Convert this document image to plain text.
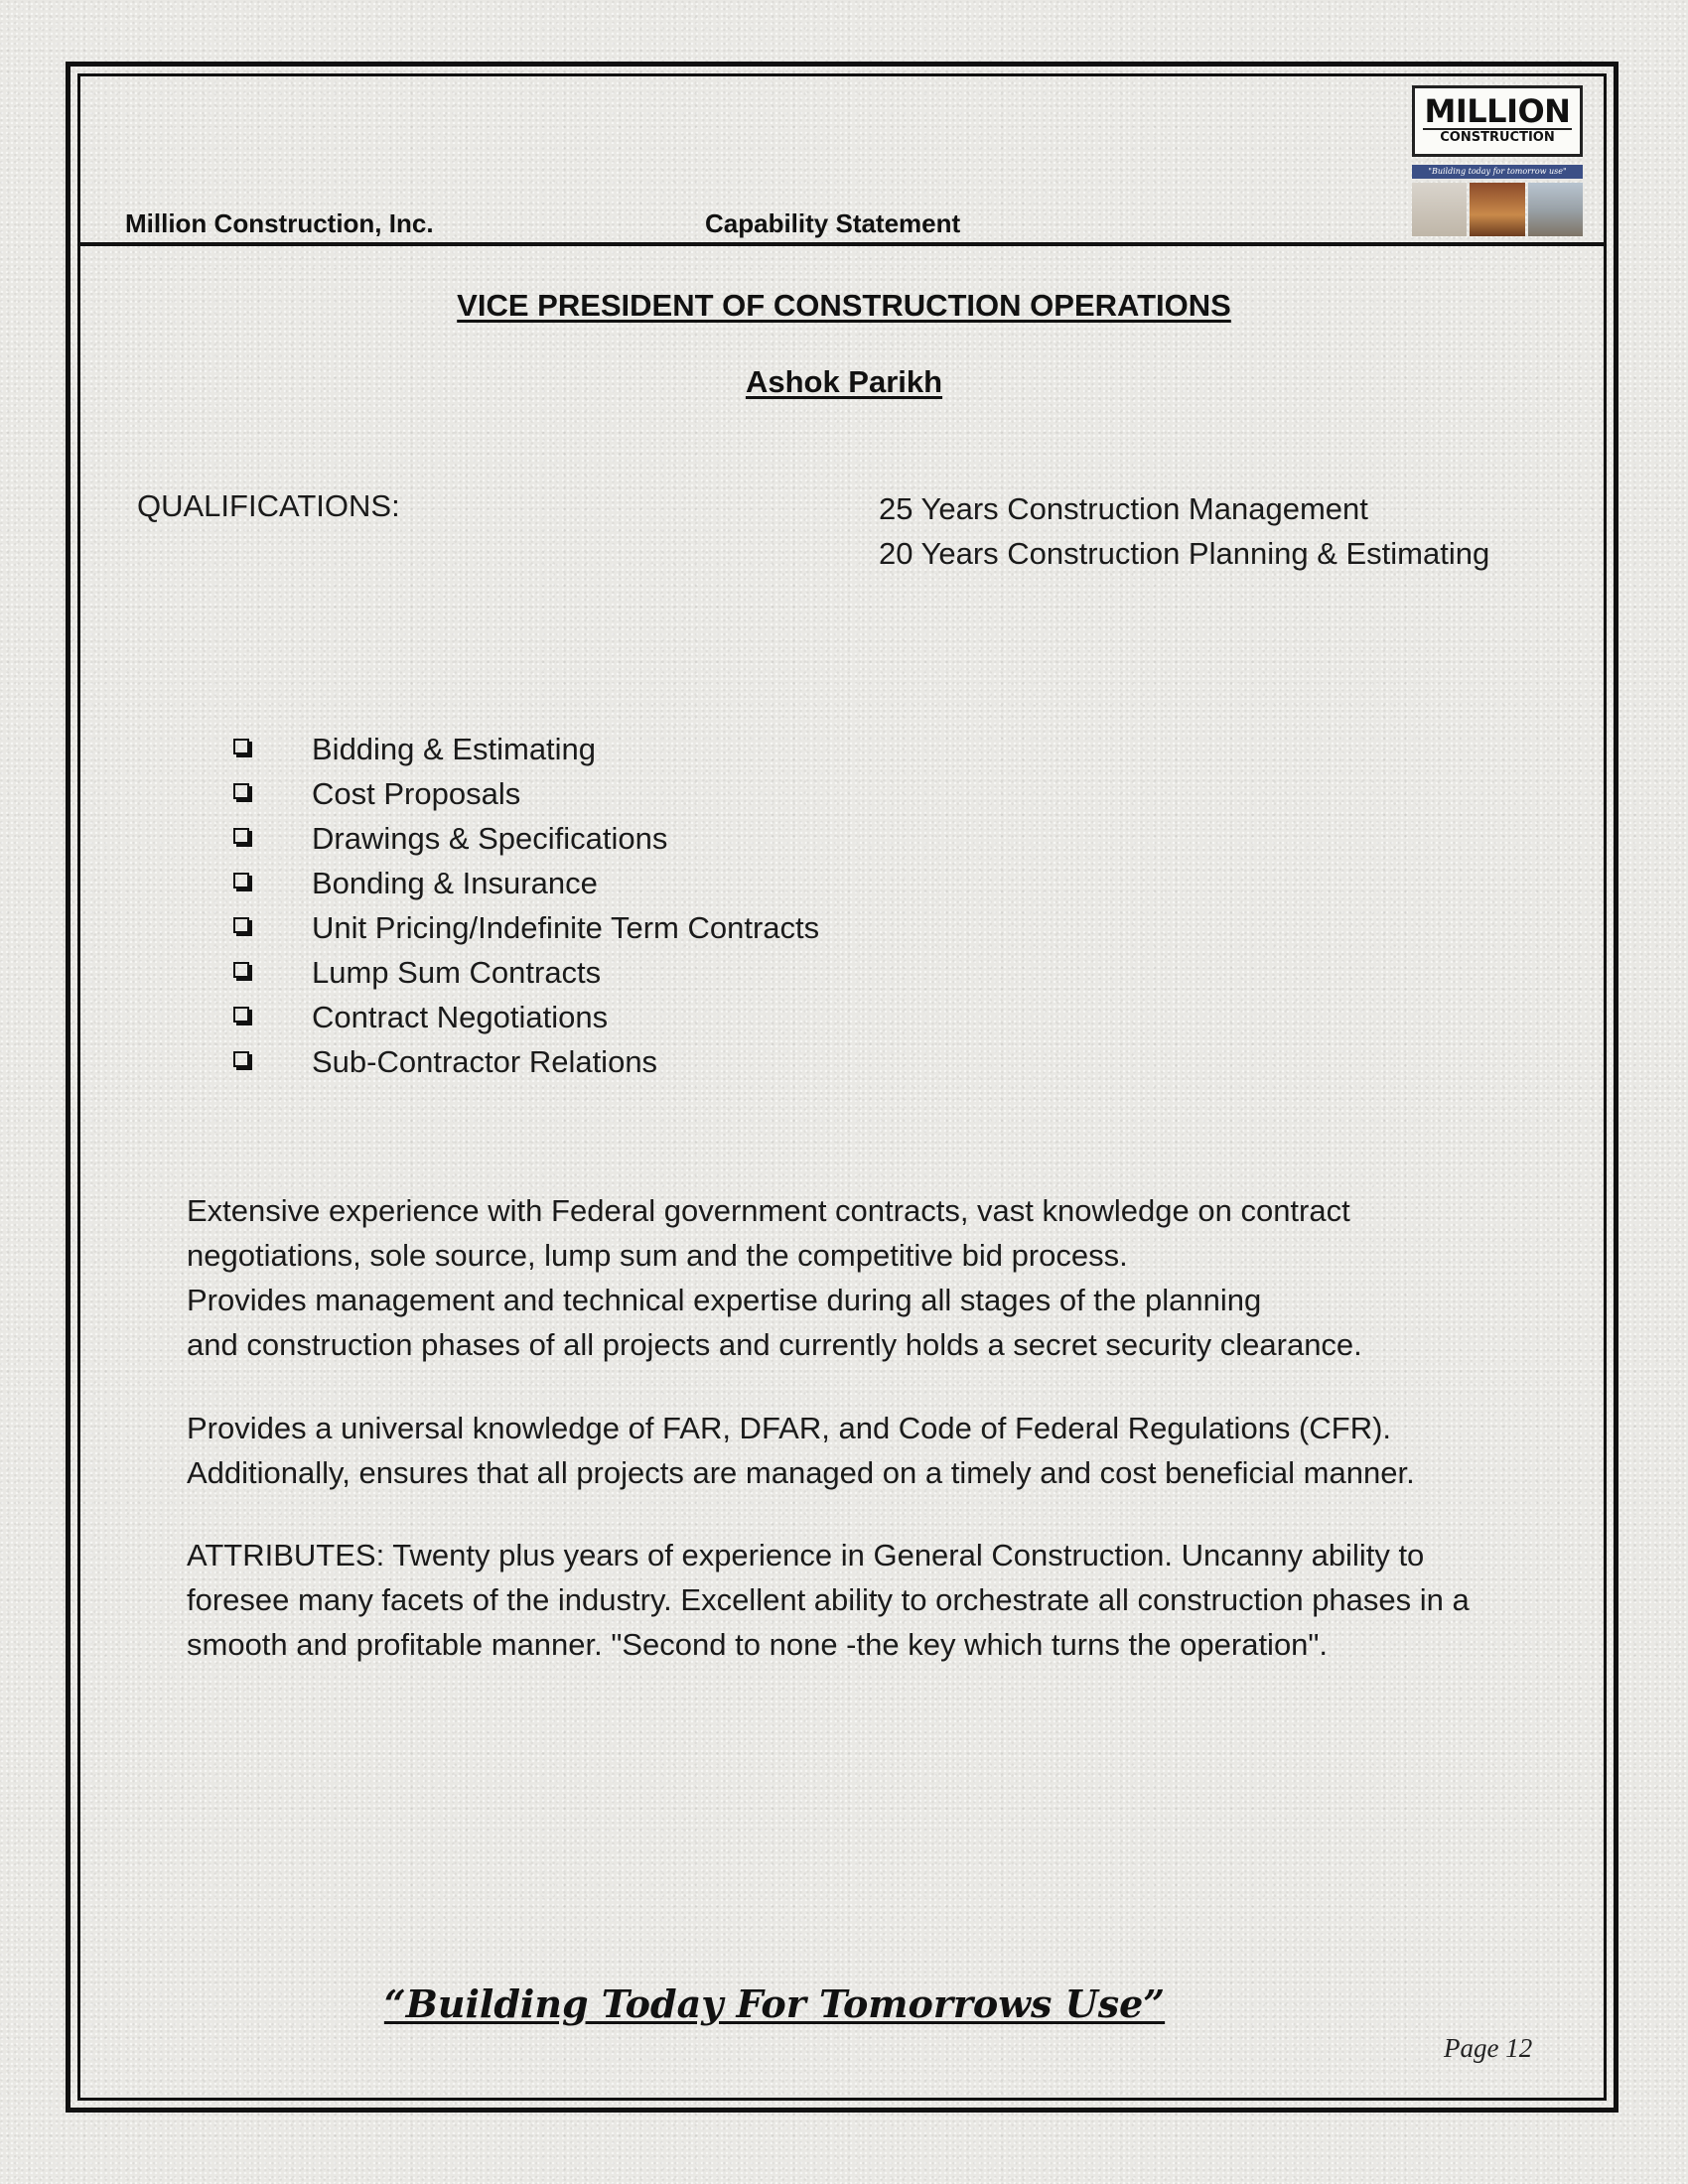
Million Construction, Inc.	Capability Statement
MILLION
CONSTRUCTION
"Building today for tomorrow use"
VICE PRESIDENT OF CONSTRUCTION OPERATIONS
Ashok Parikh
QUALIFICATIONS:	25 Years Construction Management
20 Years Construction Planning & Estimating
Bidding & Estimating
Cost Proposals
Drawings & Specifications
Bonding & Insurance
Unit Pricing/Indefinite Term Contracts
Lump Sum Contracts
Contract Negotiations
Sub-Contractor Relations
Extensive experience with Federal government contracts, vast knowledge on contract
negotiations, sole source, lump sum and the competitive bid process.
Provides management and technical expertise during all stages of the planning
and construction phases of all projects and currently holds a secret security clearance.
Provides a universal knowledge of FAR, DFAR, and Code of Federal Regulations (CFR).
Additionally, ensures that all projects are managed on a timely and cost beneficial manner.
ATTRIBUTES: Twenty plus years of experience in General Construction. Uncanny ability to
foresee many facets of the industry. Excellent ability to orchestrate all construction phases in a
smooth and profitable manner. "Second to none -the key which turns the operation".
“Building Today For Tomorrows Use”
Page 12
